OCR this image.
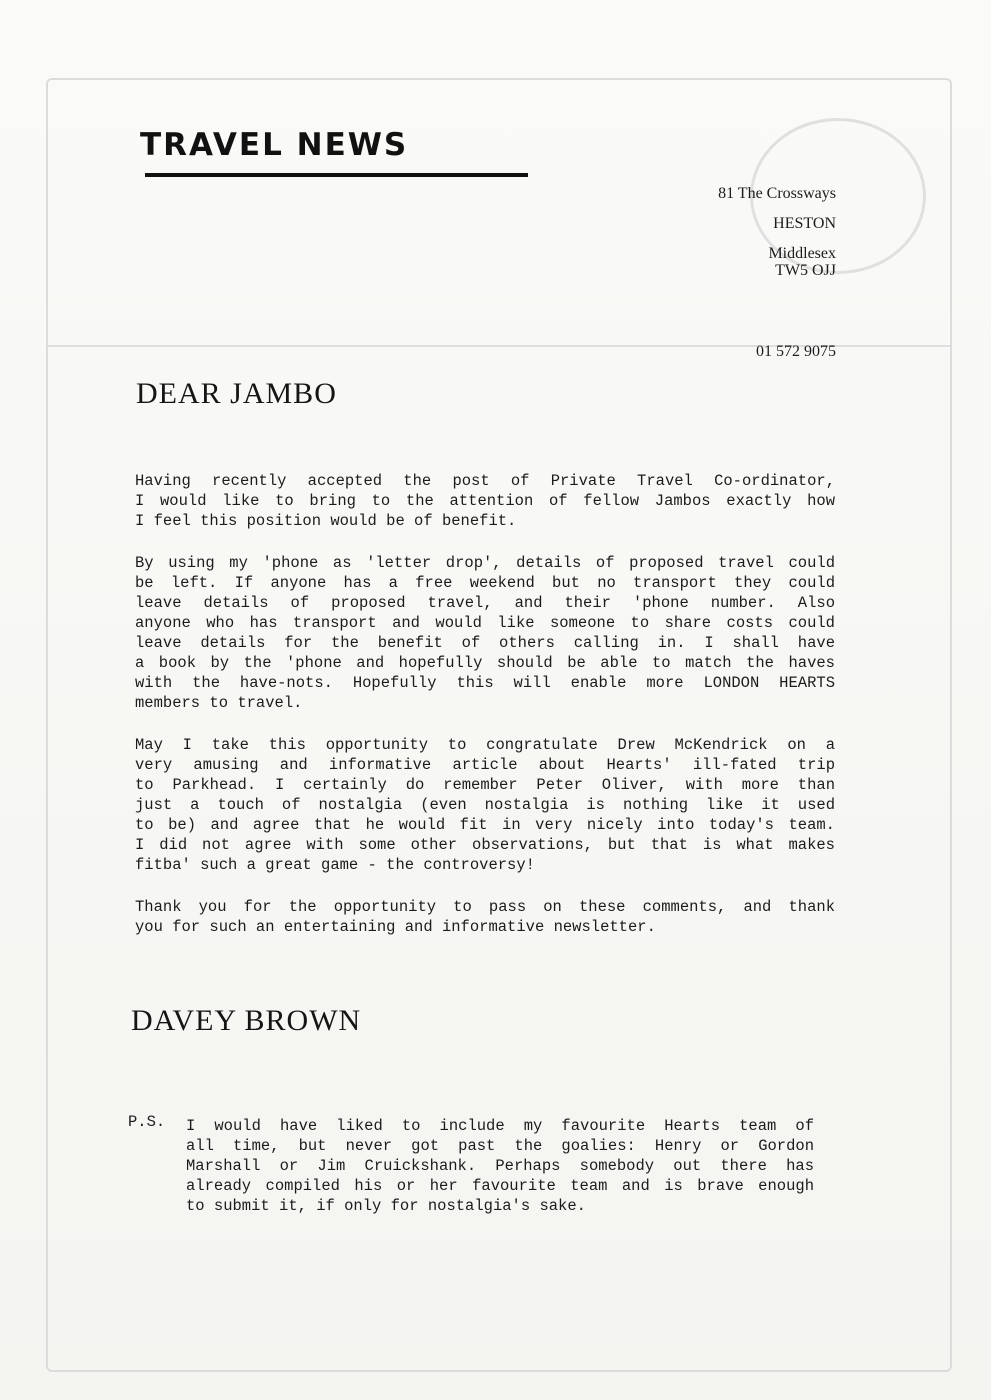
TRAVEL NEWS
81 The Crossways
HESTON
Middlesex
TW5 OJJ
01 572 9075
DEAR JAMBO
Having recently accepted the post of Private Travel Co-ordinator,
I would like to bring to the attention of fellow Jambos exactly how
I feel this position would be of benefit.
By using my 'phone as 'letter drop', details of proposed travel could
be left. If anyone has a free weekend but no transport they could
leave details of proposed travel, and their 'phone number. Also
anyone who has transport and would like someone to share costs could
leave details for the benefit of others calling in. I shall have
a book by the 'phone and hopefully should be able to match the haves
with the have-nots. Hopefully this will enable more LONDON HEARTS
members to travel.
May I take this opportunity to congratulate Drew McKendrick on a
very amusing and informative article about Hearts' ill-fated trip
to Parkhead. I certainly do remember Peter Oliver, with more than
just a touch of nostalgia (even nostalgia is nothing like it used
to be) and agree that he would fit in very nicely into today's team.
I did not agree with some other observations, but that is what makes
fitba' such a great game - the controversy!
Thank you for the opportunity to pass on these comments, and thank
you for such an entertaining and informative newsletter.
DAVEY BROWN
P.S. I would have liked to include my favourite Hearts team of
all time, but never got past the goalies: Henry or Gordon
Marshall or Jim Cruickshank. Perhaps somebody out there has
already compiled his or her favourite team and is brave enough
to submit it, if only for nostalgia's sake.
